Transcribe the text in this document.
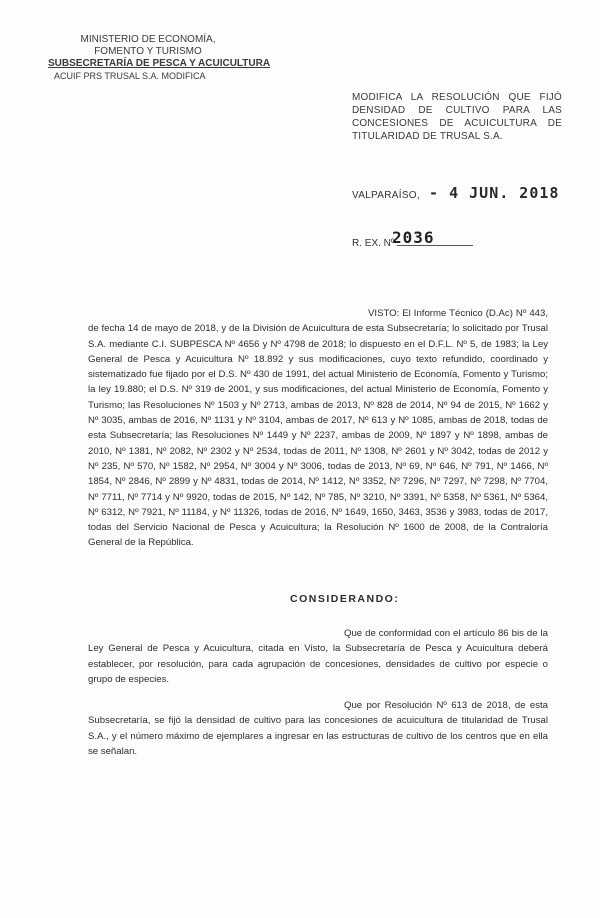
MINISTERIO DE ECONOMÍA,
FOMENTO Y TURISMO
SUBSECRETARÍA DE PESCA Y ACUICULTURA
ACUIF PRS TRUSAL S.A. MODIFICA
MODIFICA LA RESOLUCIÓN QUE FIJÓ DENSIDAD DE CULTIVO PARA LAS CONCESIONES DE ACUICULTURA DE TITULARIDAD DE TRUSAL S.A.
VALPARAÍSO, - 4 JUN. 2018
R. EX. Nº
2036
VISTO: El Informe Técnico (D.Ac) Nº 443, de fecha 14 de mayo de 2018, y de la División de Acuicultura de esta Subsecretaría; lo solicitado por Trusal S.A. mediante C.I. SUBPESCA Nº 4656 y Nº 4798 de 2018; lo dispuesto en el D.F.L. Nº 5, de 1983; la Ley General de Pesca y Acuicultura Nº 18.892 y sus modificaciones, cuyo texto refundido, coordinado y sistematizado fue fijado por el D.S. Nº 430 de 1991, del actual Ministerio de Economía, Fomento y Turismo; la ley 19.880; el D.S. Nº 319 de 2001, y sus modificaciones, del actual Ministerio de Economía, Fomento y Turismo; las Resoluciones Nº 1503 y Nº 2713, ambas de 2013, Nº 828 de 2014, Nº 94 de 2015, Nº 1662 y Nº 3035, ambas de 2016, Nº 1131 y Nº 3104, ambas de 2017, Nº 613 y Nº 1085, ambas de 2018, todas de esta Subsecretaría; las Resoluciones Nº 1449 y Nº 2237, ambas de 2009, Nº 1897 y Nº 1898, ambas de 2010, Nº 1381, Nº 2082, Nº 2302 y Nº 2534, todas de 2011, Nº 1308, Nº 2601 y Nº 3042, todas de 2012 y Nº 235, Nº 570, Nº 1582, Nº 2954, Nº 3004 y Nº 3006, todas de 2013, Nº 69, Nº 646, Nº 791, Nº 1466, Nº 1854, Nº 2846, Nº 2899 y Nº 4831, todas de 2014, Nº 1412, Nº 3352, Nº 7296, Nº 7297, Nº 7298, Nº 7704, Nº 7711, Nº 7714 y Nº 9920, todas de 2015, Nº 142, Nº 785, Nº 3210, Nº 3391, Nº 5358, Nº 5361, Nº 5364, Nº 6312, Nº 7921, Nº 11184, y Nº 11326, todas de 2016, Nº 1649, 1650, 3463, 3536 y 3983, todas de 2017, todas del Servicio Nacional de Pesca y Acuicultura; la Resolución Nº 1600 de 2008, de la Contraloría General de la República.
CONSIDERANDO:
Que de conformidad con el artículo 86 bis de la Ley General de Pesca y Acuicultura, citada en Visto, la Subsecretaría de Pesca y Acuicultura deberá establecer, por resolución, para cada agrupación de concesiones, densidades de cultivo por especie o grupo de especies.
Que por Resolución Nº 613 de 2018, de esta Subsecretaría, se fijó la densidad de cultivo para las concesiones de acuicultura de titularidad de Trusal S.A., y el número máximo de ejemplares a ingresar en las estructuras de cultivo de los centros que en ella se señalan.
